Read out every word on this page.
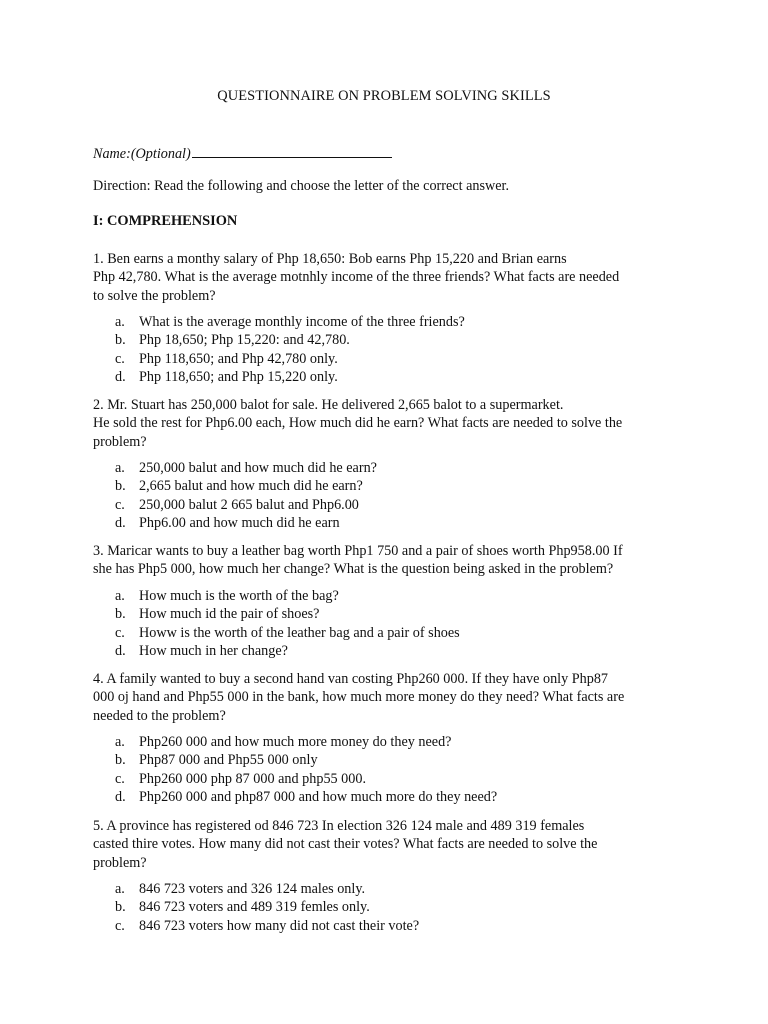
QUESTIONNAIRE ON PROBLEM SOLVING SKILLS
Name:(Optional)
Direction: Read the following and choose the letter of the correct answer.
I: COMPREHENSION
1. Ben earns a monthy salary of Php 18,650: Bob earns Php 15,220 and Brian earns
Php 42,780. What is the average motnhly income of the three friends? What facts are needed
to solve the problem?
a. What is the average monthly income of the three friends?
b. Php 18,650; Php 15,220: and 42,780.
c. Php 118,650; and Php 42,780 only.
d. Php 118,650; and Php 15,220 only.
2. Mr. Stuart has 250,000 balot for sale. He delivered 2,665 balot to a supermarket.
He sold the rest for Php6.00 each, How much did he earn? What facts are needed to solve the
problem?
a. 250,000 balut and how much did he earn?
b. 2,665 balut and how much did he earn?
c. 250,000 balut 2 665 balut and Php6.00
d. Php6.00 and how much did he earn
3. Maricar wants to buy a leather bag worth Php1 750 and a pair of shoes worth Php958.00 If
she has Php5 000, how much her change? What is the question being asked in the problem?
a. How much is the worth of the bag?
b. How much id the pair of shoes?
c. Howw is the worth of the leather bag and a pair of shoes
d. How much in her change?
4. A family wanted to buy a second hand van costing Php260 000. If they have only Php87
000 oj hand and Php55 000 in the bank, how much more money do they need? What facts are
needed to the problem?
a. Php260 000 and how much more money do they need?
b. Php87 000 and Php55 000 only
c. Php260 000 php 87 000 and php55 000.
d. Php260 000 and php87 000 and how much more do they need?
5. A province has registered od 846 723 In election 326 124 male and 489 319 females
casted thire votes. How many did not cast their votes? What facts are needed to solve the
problem?
a. 846 723 voters and 326 124 males only.
b. 846 723 voters and 489 319 femles only.
c. 846 723 voters how many did not cast their vote?
